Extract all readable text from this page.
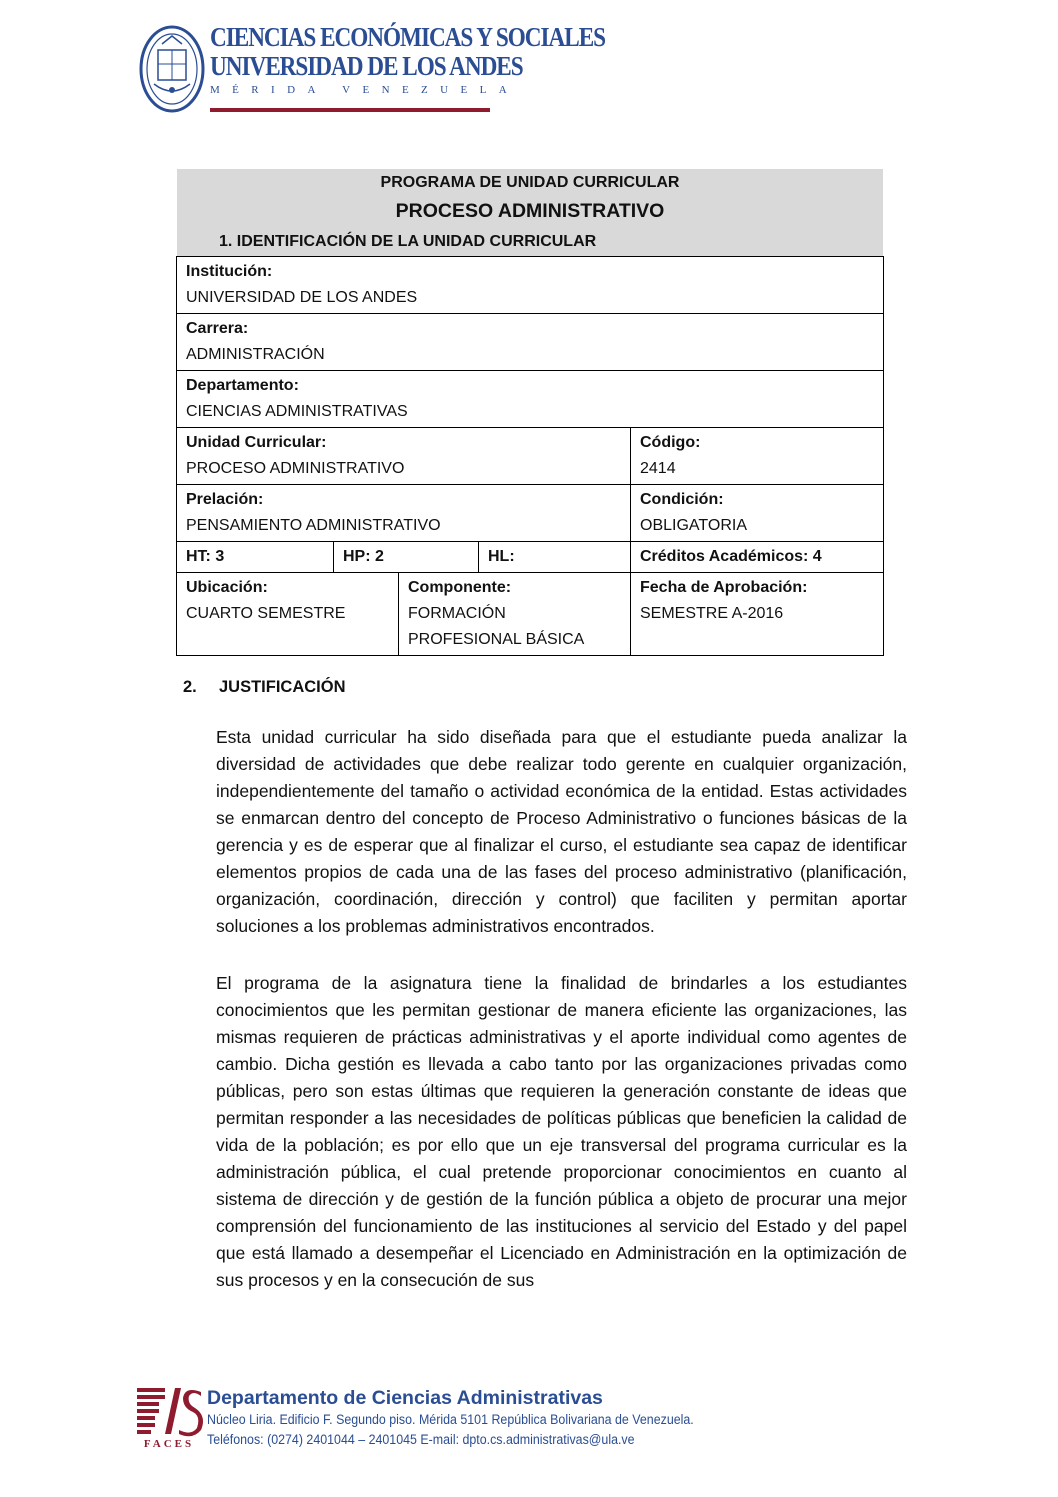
CIENCIAS ECONÓMICAS Y SOCIALES
UNIVERSIDAD DE LOS ANDES
MÉRIDA VENEZUELA
PROGRAMA DE UNIDAD CURRICULAR
PROCESO ADMINISTRATIVO
1. IDENTIFICACIÓN DE LA UNIDAD CURRICULAR
Institución:
UNIVERSIDAD DE LOS ANDES				

Carrera:
ADMINISTRACIÓN				

Departamento:
CIENCIAS ADMINISTRATIVAS				

Unidad Curricular:
PROCESO ADMINISTRATIVO				Código:
2414

Prelación:
PENSAMIENTO ADMINISTRATIVO				Condición:
OBLIGATORIA

HT: 3	HP: 2		HL:	Créditos Académicos: 4

Ubicación:
CUARTO SEMESTRE		Componente:
FORMACIÓN PROFESIONAL BÁSICA		Fecha de Aprobación:
SEMESTRE A-2016
2. JUSTIFICACIÓN

Esta unidad curricular ha sido diseñada para que el estudiante pueda analizar la diversidad de actividades que debe realizar todo gerente en cualquier organización, independientemente del tamaño o actividad económica de la entidad. Estas actividades se enmarcan dentro del concepto de Proceso Administrativo o funciones básicas de la gerencia y es de esperar que al finalizar el curso, el estudiante sea capaz de identificar elementos propios de cada una de las fases del proceso administrativo (planificación, organización, coordinación, dirección y control) que faciliten y permitan aportar soluciones a los problemas administrativos encontrados.

El programa de la asignatura tiene la finalidad de brindarles a los estudiantes conocimientos que les permitan gestionar de manera eficiente las organizaciones, las mismas requieren de prácticas administrativas y el aporte individual como agentes de cambio. Dicha gestión es llevada a cabo tanto por las organizaciones privadas como públicas, pero son estas últimas que requieren la generación constante de ideas que permitan responder a las necesidades de políticas públicas que beneficien la calidad de vida de la población; es por ello que un eje transversal del programa curricular es la administración pública, el cual pretende proporcionar conocimientos en cuanto al sistema de dirección y de gestión de la función pública a objeto de procurar una mejor comprensión del funcionamiento de las instituciones al servicio del Estado y del papel que está llamado a desempeñar el Licenciado en Administración en la optimización de sus procesos y en la consecución de sus

FACES
Departamento de Ciencias Administrativas
Núcleo Liria. Edificio F. Segundo piso. Mérida 5101 República Bolivariana de Venezuela.
Teléfonos: (0274) 2401044 – 2401045 E-mail: dpto.cs.administrativas@ula.ve
